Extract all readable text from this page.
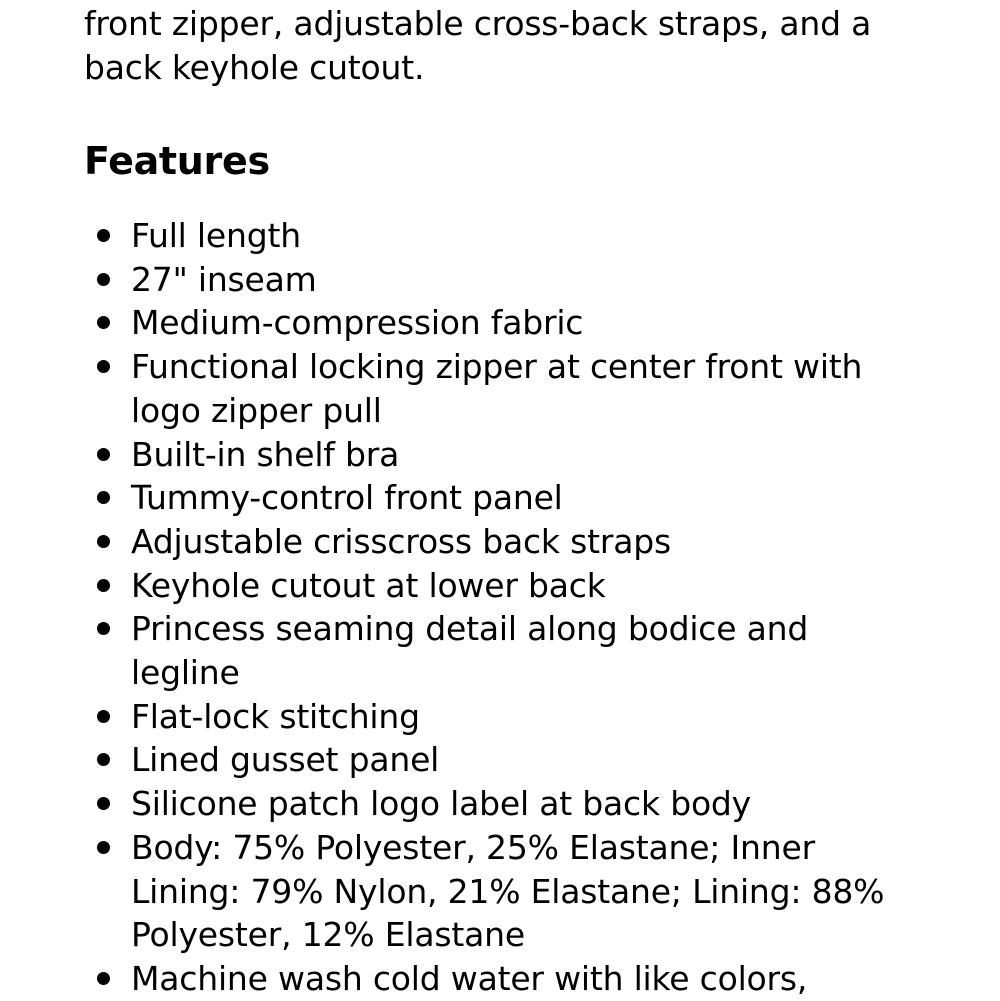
front zipper, adjustable cross-back straps, and a back keyhole cutout.

Features
Full length
27" inseam
Medium-compression fabric
Functional locking zipper at center front with logo zipper pull
Built-in shelf bra
Tummy-control front panel
Adjustable crisscross back straps
Keyhole cutout at lower back
Princess seaming detail along bodice and legline
Flat-lock stitching
Lined gusset panel
Silicone patch logo label at back body
Body: 75% Polyester, 25% Elastane; Inner Lining: 79% Nylon, 21% Elastane; Lining: 88% Polyester, 12% Elastane
Machine wash cold water with like colors,
